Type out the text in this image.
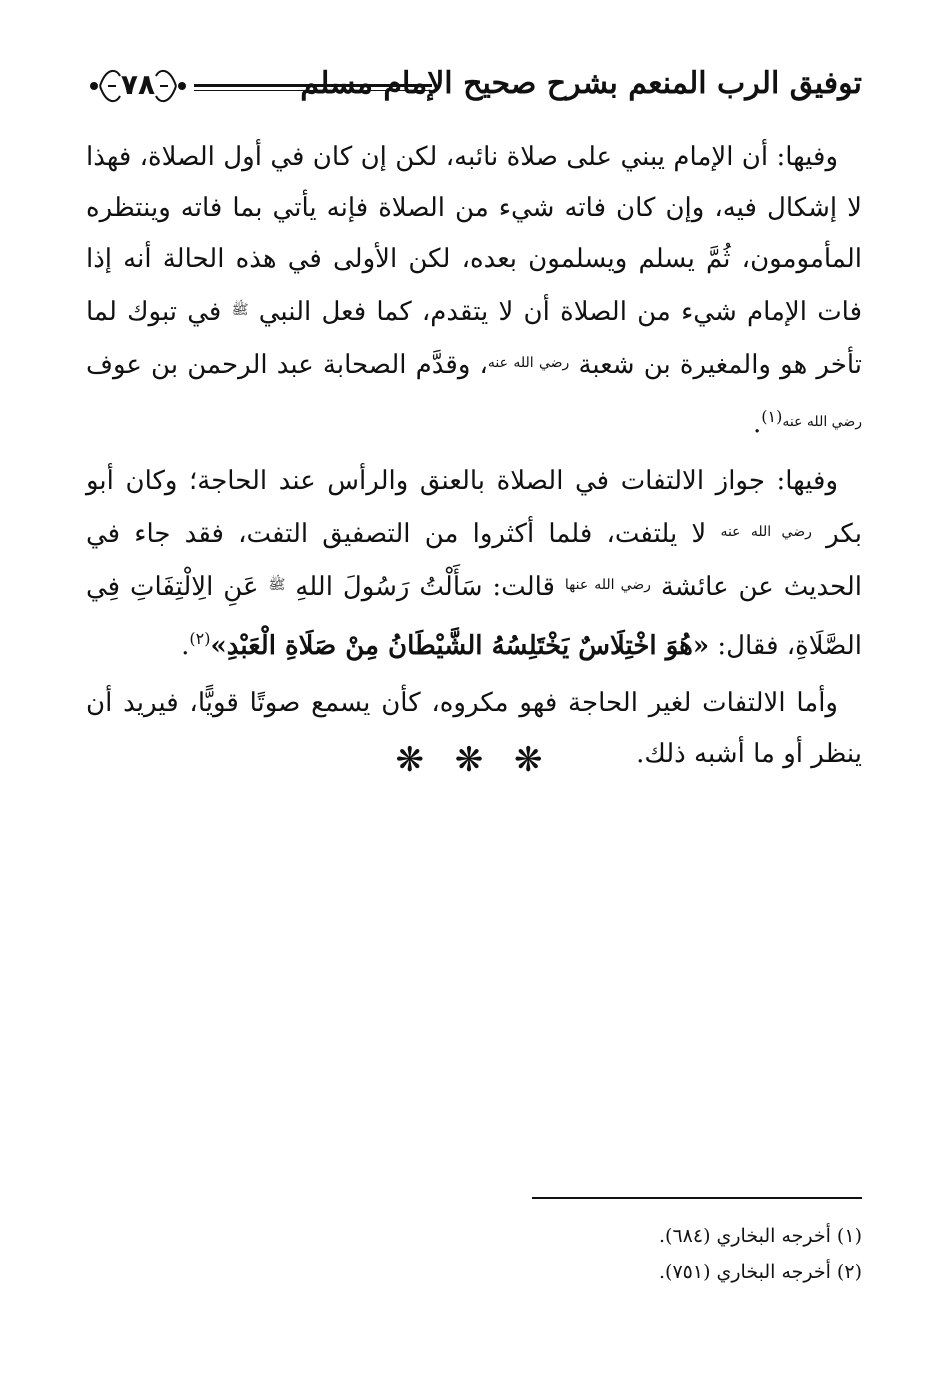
توفيق الرب المنعم بشرح صحيح الإمام مسلم
٧٨

وفيها: أن الإمام يبني على صلاة نائبه، لكن إن كان في أول الصلاة، فهذا لا إشكال فيه، وإن كان فاته شيء من الصلاة فإنه يأتي بما فاته وينتظره المأمومون، ثُمَّ يسلم ويسلمون بعده، لكن الأولى في هذه الحالة أنه إذا فات الإمام شيء من الصلاة أن لا يتقدم، كما فعل النبي $^ﷺ$ في تبوك لما تأخر هو والمغيرة بن شعبة $^{رضي الله عنه}$، وقدَّم الصحابة عبد الرحمن بن عوف $^{رضي الله عنه(١)}$.

وفيها: جواز الالتفات في الصلاة بالعنق والرأس عند الحاجة؛ وكان أبو بكر $^{رضي الله عنه}$ لا يلتفت، فلما أكثروا من التصفيق التفت، فقد جاء في الحديث عن عائشة $^{رضي الله عنها}$ قالت: سَأَلْتُ رَسُولَ اللهِ $^ﷺ$ عَنِ الِالْتِفَاتِ فِي الصَّلَاةِ، فقال: «هُوَ اخْتِلَاسٌ يَخْتَلِسُهُ الشَّيْطَانُ مِنْ صَلَاةِ الْعَبْدِ»$^{(٢)}$.

وأما الالتفات لغير الحاجة فهو مكروه، كأن يسمع صوتًا قويًّا، فيريد أن ينظر أو ما أشبه ذلك.

❋ ❋ ❋
(١) أخرجه البخاري (٦٨٤).
(٢) أخرجه البخاري (٧٥١).
